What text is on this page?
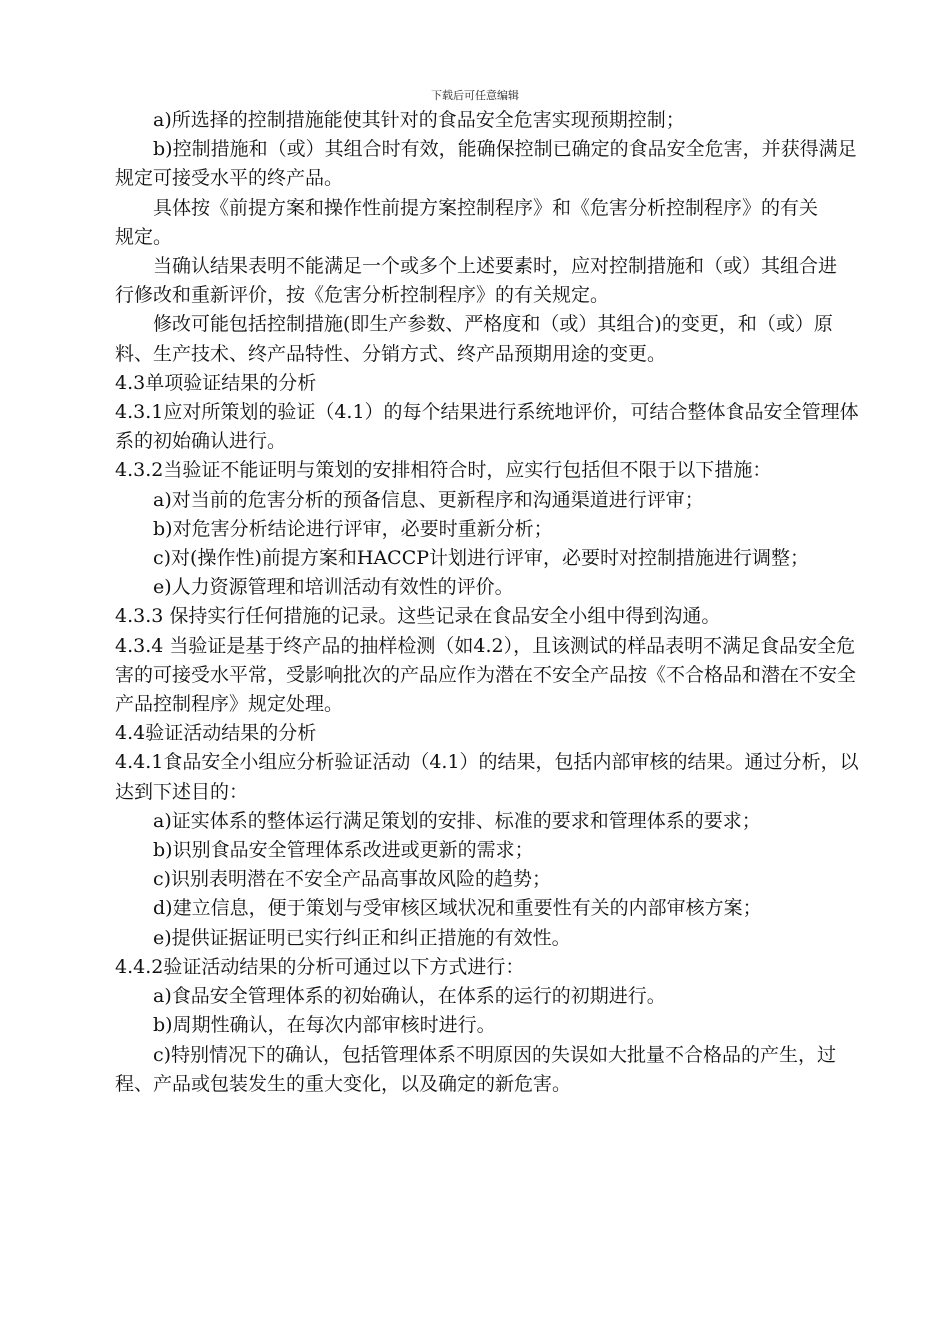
下载后可任意编辑

a)所选择的控制措施能使其针对的食品安全危害实现预期控制；

b)控制措施和（或）其组合时有效，能确保控制已确定的食品安全危害，并获得满足规定可接受水平的终产品。

具体按《前提方案和操作性前提方案控制程序》和《危害分析控制程序》的有关规定。

当确认结果表明不能满足一个或多个上述要素时，应对控制措施和（或）其组合进行修改和重新评价，按《危害分析控制程序》的有关规定。

修改可能包括控制措施(即生产参数、严格度和（或）其组合)的变更，和（或）原料、生产技术、终产品特性、分销方式、终产品预期用途的变更。

4.3单项验证结果的分析

4.3.1应对所策划的验证（4.1）的每个结果进行系统地评价，可结合整体食品安全管理体系的初始确认进行。

4.3.2当验证不能证明与策划的安排相符合时，应实行包括但不限于以下措施：

a)对当前的危害分析的预备信息、更新程序和沟通渠道进行评审；

b)对危害分析结论进行评审，必要时重新分析；

c)对(操作性)前提方案和HACCP计划进行评审，必要时对控制措施进行调整；

e)人力资源管理和培训活动有效性的评价。

4.3.3 保持实行任何措施的记录。这些记录在食品安全小组中得到沟通。

4.3.4 当验证是基于终产品的抽样检测（如4.2），且该测试的样品表明不满足食品安全危害的可接受水平常，受影响批次的产品应作为潜在不安全产品按《不合格品和潜在不安全产品控制程序》规定处理。

4.4验证活动结果的分析

4.4.1食品安全小组应分析验证活动（4.1）的结果，包括内部审核的结果。通过分析，以达到下述目的：

a)证实体系的整体运行满足策划的安排、标准的要求和管理体系的要求；

b)识别食品安全管理体系改进或更新的需求；

c)识别表明潜在不安全产品高事故风险的趋势；

d)建立信息，便于策划与受审核区域状况和重要性有关的内部审核方案；

e)提供证据证明已实行纠正和纠正措施的有效性。

4.4.2验证活动结果的分析可通过以下方式进行：

a)食品安全管理体系的初始确认，在体系的运行的初期进行。

b)周期性确认，在每次内部审核时进行。

c)特别情况下的确认，包括管理体系不明原因的失误如大批量不合格品的产生，过程、产品或包装发生的重大变化，以及确定的新危害。
